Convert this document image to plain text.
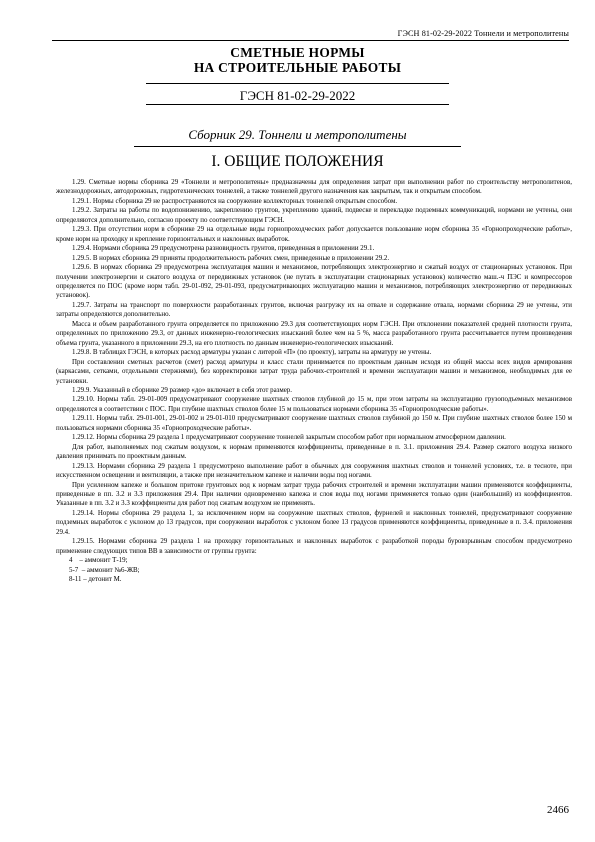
ГЭСН 81-02-29-2022 Тоннели и метрополитены
СМЕТНЫЕ НОРМЫ
НА СТРОИТЕЛЬНЫЕ РАБОТЫ
ГЭСН 81-02-29-2022
Сборник 29. Тоннели и метрополитены
I. ОБЩИЕ ПОЛОЖЕНИЯ

1.29. Сметные нормы сборника 29 «Тоннели и метрополитены» предназначены для определения затрат при выполнении работ по строительству метрополитенов, железнодорожных, автодорожных, гидротехнических тоннелей, а также тоннелей другого назначения как закрытым, так и открытым способом.

1.29.1. Нормы сборника 29 не распространяются на сооружение коллекторных тоннелей открытым способом.

1.29.2. Затраты на работы по водопонижению, закреплению грунтов, укреплению зданий, подвеске и перекладке подземных коммуникаций, нормами не учтены, они определяются дополнительно, согласно проекту по соответствующим ГЭСН.

1.29.3. При отсутствии норм в сборнике 29 на отдельные виды горнопроходческих работ допускается пользование норм сборника 35 «Горнопроходческие работы», кроме норм на проходку и крепление горизонтальных и наклонных выработок.

1.29.4. Нормами сборника 29 предусмотрена разновидность грунтов, приведенная в приложении 29.1.

1.29.5. В нормах сборника 29 приняты продолжительность рабочих смен, приведенные в приложении 29.2.

1.29.6. В нормах сборника 29 предусмотрена эксплуатация машин и механизмов, потребляющих электроэнергию и сжатый воздух от стационарных установок. При получении электроэнергии и сжатого воздуха от передвижных установок (не путать в эксплуатации стационарных установок) количество маш.-ч ПЭС и компрессоров определяется по ПОС (кроме норм табл. 29-01-092, 29-01-093, предусматривающих эксплуатацию машин и механизмов, потребляющих электроэнергию от передвижных установок).

1.29.7. Затраты на транспорт по поверхности разработанных грунтов, включая разгрузку их на отвале и содержание отвала, нормами сборника 29 не учтены, эти затраты определяются дополнительно.

Масса и объем разработанного грунта определяется по приложению 29.3 для соответствующих норм ГЭСН. При отклонении показателей средней плотности грунта, определенных по приложению 29.3, от данных инженерно-геологических изысканий более чем на 5 %, масса разработанного грунта рассчитывается путем произведения объема грунта, указанного в приложении 29.3, на его плотность по данным инженерно-геологических изысканий.

1.29.8. В таблицах ГЭСН, в которых расход арматуры указан с литерой «П» (по проекту), затраты на арматуру не учтены.

При составлении сметных расчетов (смет) расход арматуры и класс стали принимается по проектным данным исходя из общей массы всех видов армирования (каркасами, сетками, отдельными стержнями), без корректировки затрат труда рабочих-строителей и времени эксплуатации машин и механизмов, необходимых для ее установки.

1.29.9. Указанный в сборнике 29 размер «до» включает в себя этот размер.

1.29.10. Нормы табл. 29-01-009 предусматривают сооружение шахтных стволов глубиной до 15 м, при этом затраты на эксплуатацию грузоподъемных механизмов определяются в соответствии с ПОС. При глубине шахтных стволов более 15 м пользоваться нормами сборника 35 «Горнопроходческие работы».

1.29.11. Нормы табл. 29-01-001, 29-01-002 и 29-01-010 предусматривают сооружение шахтных стволов глубиной до 150 м. При глубине шахтных стволов более 150 м пользоваться нормами сборника 35 «Горнопроходческие работы».

1.29.12. Нормы сборника 29 раздела 1 предусматривают сооружение тоннелей закрытым способом работ при нормальном атмосферном давлении.

Для работ, выполняемых под сжатым воздухом, к нормам применяются коэффициенты, приведенные в п. 3.1. приложения 29.4. Размер сжатого воздуха низкого давления принимать по проектным данным.

1.29.13. Нормами сборника 29 раздела 1 предусмотрено выполнение работ в обычных для сооружения шахтных стволов и тоннелей условиях, т.е. в тесноте, при искусственном освещении и вентиляции, а также при незначительном капеже и наличии воды под ногами.

При усиленном капеже и большом притоке грунтовых вод к нормам затрат труда рабочих строителей и времени эксплуатации машин применяются коэффициенты, приведенные в пп. 3.2 и 3.3 приложения 29.4. При наличии одновременно капежа и слоя воды под ногами применяется только один (наибольший) из коэффициентов. Указанные в пп. 3.2 и 3.3 коэффициенты для работ под сжатым воздухом не применять.

1.29.14. Нормы сборника 29 раздела 1, за исключением норм на сооружение шахтных стволов, фурнелей и наклонных тоннелей, предусматривают сооружение подземных выработок с уклоном до 13 градусов, при сооружении выработок с уклоном более 13 градусов применяются коэффициенты, приведенные в п. 3.4. приложения 29.4.

1.29.15. Нормами сборника 29 раздела 1 на проходку горизонтальных и наклонных выработок с разработкой породы буровзрывным способом предусмотрено применение следующих типов ВВ в зависимости от группы грунта:

4    – аммонит Т-19;

5-7  – аммонит №6-ЖВ;

8-11 – детонит М.

2466
